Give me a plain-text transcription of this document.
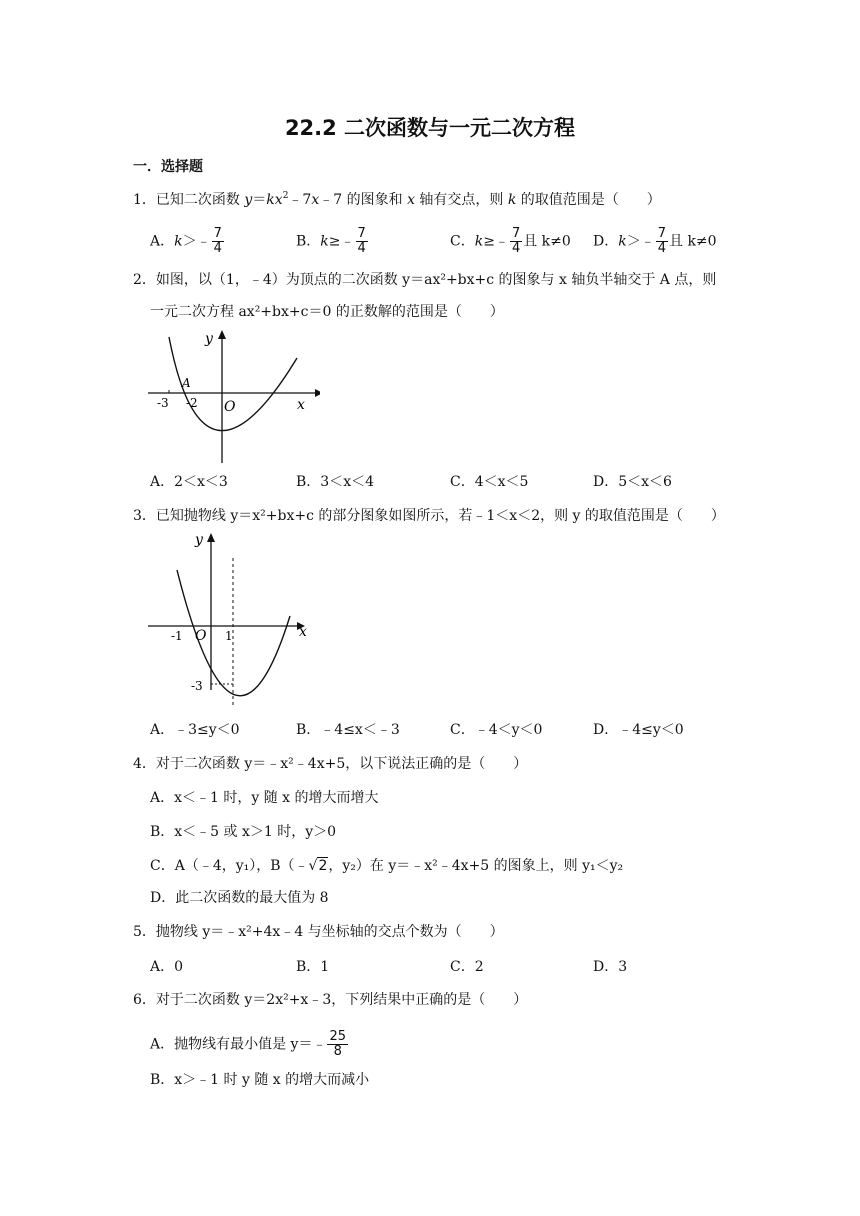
22.2 二次函数与一元二次方程
一．选择题
1．已知二次函数 $y=kx^2﹣7x﹣7$ 的图象和 x 轴有交点，则 k 的取值范围是（　　）
A．k＞﹣ $\frac{7}{4}$	B．k≥﹣ $\frac{7}{4}$	C．k≥﹣ $\frac{7}{4}$ 且 k≠0 D．k＞﹣ $\frac{7}{4}$ 且 k≠0
2．如图，以（1，﹣4）为顶点的二次函数 y＝ax²+bx+c 的图象与 x 轴负半轴交于 A 点，则
一元二次方程 ax²+bx+c＝0 的正数解的范围是（　　）
y
x
O
A
-3 -2
A．2＜x＜3	B．3＜x＜4	C．4＜x＜5	D．5＜x＜6
3．已知抛物线 y＝x²+bx+c 的部分图象如图所示，若﹣1＜x＜2，则 y 的取值范围是（　　）
y
x
O
-1	1
-3
A．﹣3≤y＜0	B．﹣4≤x＜﹣3	C．﹣4＜y＜0	D．﹣4≤y＜0
4．对于二次函数 y＝﹣x²﹣4x+5，以下说法正确的是（　　）
A．x＜﹣1 时，y 随 x 的增大而增大
B．x＜﹣5 或 x＞1 时，y＞0
C．A（﹣4，y₁），B（﹣√2，y₂）在 y＝﹣x²﹣4x+5 的图象上，则 y₁＜y₂
D．此二次函数的最大值为 8
5．抛物线 y＝﹣x²+4x﹣4 与坐标轴的交点个数为（　　）
A．0	B．1	C．2	D．3
6．对于二次函数 y＝2x²+x﹣3，下列结果中正确的是（　　）
A．抛物线有最小值是 y＝﹣ $\frac{25}{8}$
B．x＞﹣1 时 y 随 x 的增大而减小
